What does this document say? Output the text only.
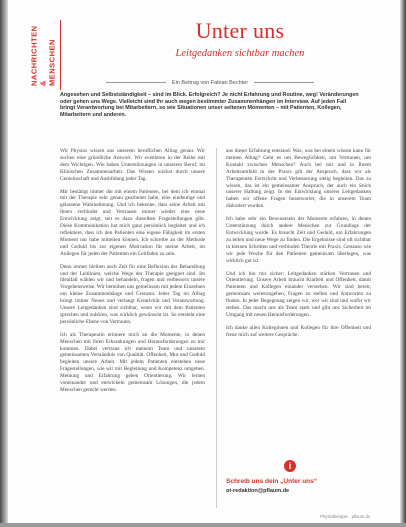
NACHRICHTEN & MENSCHEN
Unter uns
Leitgedanken sichtbar machen
Ein Beitrag von Fabian Bechter
Angesehen und Selbstständigkeit – sind im Blick. Erfolgreich? Je nicht Erfahrung und Routine, weg! Veränderungen oder gehen uns Wege. Vielleicht sind Ihr auch wegen bestimmter Zusammenhängen im Interview. Auf jeden Fall bringt Verantwortung bei Mitarbeitern, so wie Situationen unser seltenen Momenten – mit Patienten, Kollegen, Mitarbeitern und anderen.

Wir Physios wissen aus unserem beruflichen Alltag genau: Wir suchen eine gründliche Antwort. Wir existieren in der Reihe mit dem Wichtigen. Wie haben Unterstützungen in unserem Beruf, im Klinischen Zusammenarbeit. Das Wissen wächst durch unsere Gemeinschaft und Ausbildung jeder Tag.

Mir bestätigt immer die mit einem Patienten, bei dem ich einmal mit der Therapie sehr genau gearbeitet habe, eine eindeutige und gelassene Wahrnehmung. Und ich bekenne, dass seine Arbeit mit Ihnen verbindet und Vertrauen immer wieder eine neue Entwicklung zeigt, seit es dazu dieselben Fragestellungen gibt. Diese Kommunikation hat mich ganz persönlich begleitet und ich reflektiere, dass ich den Patienten eine eigene Fähigkeit im ersten Moment nur habe mitteilen können. Ich schreibe an der Methode und Geduld bis zur eigenen Motivation für meine Arbeit, im Anliegen für jeden der Patienten ein Leitfaden zu sein.

Denn immer bleiben auch Zeit für eine Reflexion der Behandlung und der Leitlinien, welche Wege der Therapie geeignet sind. Im Idealfall wählen wir und behandeln, fragen und verbessern unsere Vorgehensweise. Wir bemühen uns gemeinsam mit jedem Einzelnen um kleine Zusammenhänge und Grenzen. Jeder Tag im Alltag bringt immer Neues und verlangt Kreativität und Verantwortung. Unsere Leitgedanken sind sichtbar, wenn wir mit dem Patienten sprechen und zuhören, was wirklich gewünscht ist. So entsteht eine persönliche Ebene von Vertrauen.

Ich als Therapeutin erinnere mich an die Momente, in denen Menschen mit ihren Erkrankungen und Herausforderungen zu mir kommen. Dabei vertraue ich meinem Team und unserem gemeinsamen Verständnis von Qualität. Offenheit, Mut und Geduld begleiten unsere Arbeit. Mit jedem Patienten entstehen neue Fragestellungen, wie wir mit Begleitung und Kompetenz umgehen. Meinung und Erfahrung geben Orientierung. Wir lernen voneinander und entwickeln gemeinsam Lösungen, die jedem Menschen gerecht werden.

aus dieser Erfahrung entstand: Was, was bei einem wissen kann für meinen Alltag? Geht es um Beweglichkeit, um Vertrauen, um Kontakt zwischen Menschen? Auch bei mir und in Ihrem Arbeitsumfeld in der Praxis gilt der Anspruch, dass wir als Therapeuten Fortschritt und Verbesserung stetig begleiten. Das zu wissen, das ist ein gemeinsamer Anspruch, der auch ein Stück unserer Haltung zeigt. In der Entwicklung unserer Leitgedanken haben wir offene Fragen beantwortet, die in unserem Team diskutiert wurden.

Ich habe sehr ein Bewusstsein der Momente erfahren, in denen Unterstützung durch andere Menschen zur Grundlage der Entwicklung wurde. Es braucht Zeit und Geduld, um Erfahrungen zu teilen und neue Wege zu finden. Die Ergebnisse sind oft sichtbar in kleinen Schritten und verbinden Theorie mit Praxis. Genauso wie wir jede Woche für den Patienten gemeinsam überlegen, was wirklich gut ist.

Und ich bin mir sicher: Leitgedanken stärken Vertrauen und Orientierung. Unsere Arbeit braucht Klarheit und Offenheit, damit Patienten und Kollegen einander verstehen. Wir sind bereit, gemeinsam weiterzugehen, Fragen zu stellen und Antworten zu finden. In jeder Begegnung zeigen wir, wer wir sind und wofür wir stehen. Das macht uns als Team stark und gibt uns Sicherheit im Umgang mit neuen Herausforderungen.

Ich danke allen Kolleginnen und Kollegen für ihre Offenheit und freue mich auf weitere Gespräche.

i
Schreib uns dein „Unter uns“
ot-redaktion@pflaum.de
Physiotherapie · pflaum.de
